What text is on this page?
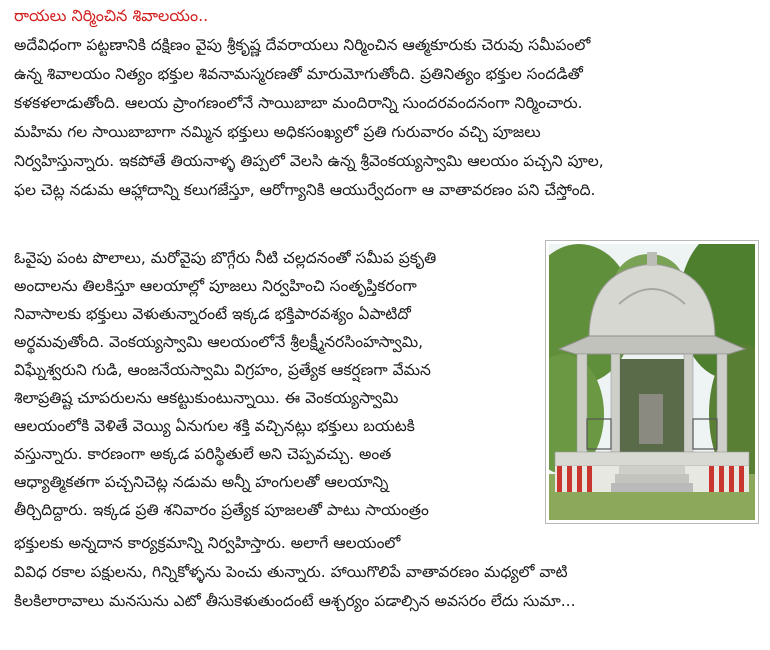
రాయలు నిర్మించిన శివాలయం..
అదేవిధంగా పట్టణానికి దక్షిణం వైపు శ్రీకృష్ణ దేవరాయలు నిర్మించిన ఆత్మకూరుకు చెరువు సమీపంలో
ఉన్న శివాలయం నిత్యం భక్తుల శివనామస్మరణతో మారుమోగుతోంది. ప్రతినిత్యం భక్తుల సందడితో
కళకళలాడుతోంది. ఆలయ ప్రాంగణంలోనే సాయిబాబా మందిరాన్ని సుందరవందనంగా నిర్మించారు.
మహిమ గల సాయిబాబాగా నమ్మిన భక్తులు అధికసంఖ్యలో ప్రతి గురువారం వచ్చి పూజలు
నిర్వహిస్తున్నారు. ఇకపోతే తియనాళ్ళ తిప్పలో వెలసి ఉన్న శ్రీవెంకయ్యస్వామి ఆలయం పచ్చని పూల,
ఫల చెట్ల నడుమ ఆహ్లాదాన్ని కలుగజేస్తూ, ఆరోగ్యానికి ఆయుర్వేదంగా ఆ వాతావరణం పని చేస్తోంది.
ఓవైపు పంట పొలాలు, మరోవైపు బొగ్గేరు నీటి చల్లదనంతో సమీప ప్రకృతి
అందాలను తిలకిస్తూ ఆలయాల్లో పూజలు నిర్వహించి సంతృప్తికరంగా
నివాసాలకు భక్తులు వెళుతున్నారంటే ఇక్కడ భక్తిపారవశ్యం ఏపాటిదో
అర్థమవుతోంది. వెంకయ్యస్వామి ఆలయంలోనే శ్రీలక్ష్మీనరసింహస్వామి,
విఘ్నేశ్వరుని గుడి, ఆంజనేయస్వామి విగ్రహం, ప్రత్యేక ఆకర్షణగా వేమన
శిలాప్రతిష్ట చూపరులను ఆకట్టుకుంటున్నాయి. ఈ వెంకయ్యస్వామి
ఆలయంలోకి వెళితే వెయ్యి ఏనుగుల శక్తి వచ్చినట్లు భక్తులు బయటకి
వస్తున్నారు. కారణంగా అక్కడ పరిస్థితులే అని చెప్పవచ్చు. అంత
ఆధ్యాత్మికతగా పచ్చనిచెట్ల నడుమ అన్నీ హంగులతో ఆలయాన్ని
తీర్చిదిద్దారు. ఇక్కడ ప్రతి శనివారం ప్రత్యేక పూజలతో పాటు సాయంత్రం
భక్తులకు అన్నదాన కార్యక్రమాన్ని నిర్వహిస్తారు. అలాగే ఆలయంలో
వివిధ రకాల పక్షులను, గిన్నికోళ్ళను పెంచు తున్నారు. హాయిగొలిపే వాతావరణం మధ్యలో వాటి
కిలకిలారావాలు మనసును ఎటో తీసుకెళుతుందంటే ఆశ్చర్యం పడాల్సిన అవసరం లేదు సుమా...
